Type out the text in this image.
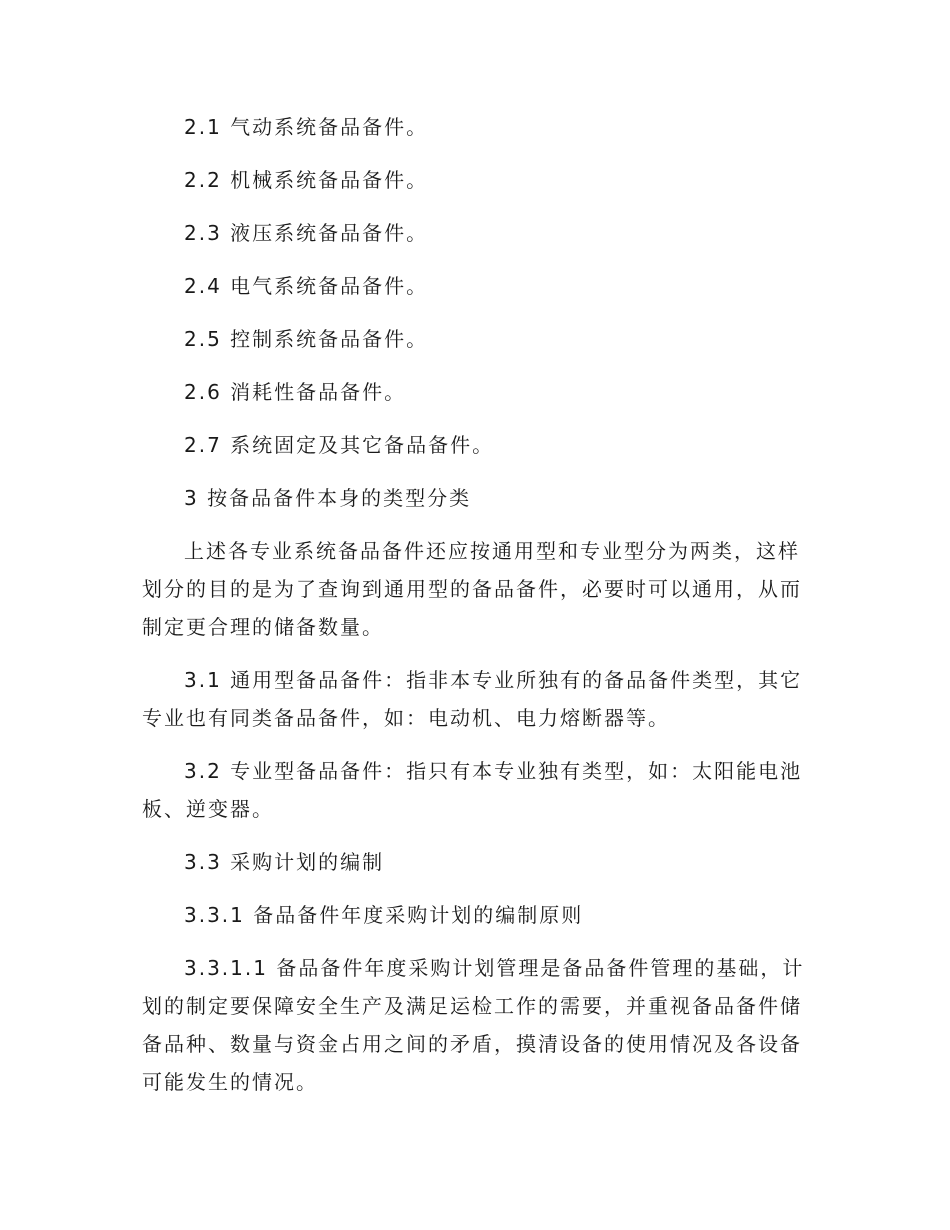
2.1 气动系统备品备件。

2.2 机械系统备品备件。

2.3 液压系统备品备件。

2.4 电气系统备品备件。

2.5 控制系统备品备件。

2.6 消耗性备品备件。

2.7 系统固定及其它备品备件。

3 按备品备件本身的类型分类

上述各专业系统备品备件还应按通用型和专业型分为两类，这样
划分的目的是为了查询到通用型的备品备件，必要时可以通用，从而
制定更合理的储备数量。
3.1 通用型备品备件：指非本专业所独有的备品备件类型，其它
专业也有同类备品备件，如：电动机、电力熔断器等。
3.2 专业型备品备件：指只有本专业独有类型，如：太阳能电池
板、逆变器。

3.3 采购计划的编制

3.3.1 备品备件年度采购计划的编制原则

3.3.1.1 备品备件年度采购计划管理是备品备件管理的基础，计
划的制定要保障安全生产及满足运检工作的需要，并重视备品备件储
备品种、数量与资金占用之间的矛盾，摸清设备的使用情况及各设备
可能发生的情况。
